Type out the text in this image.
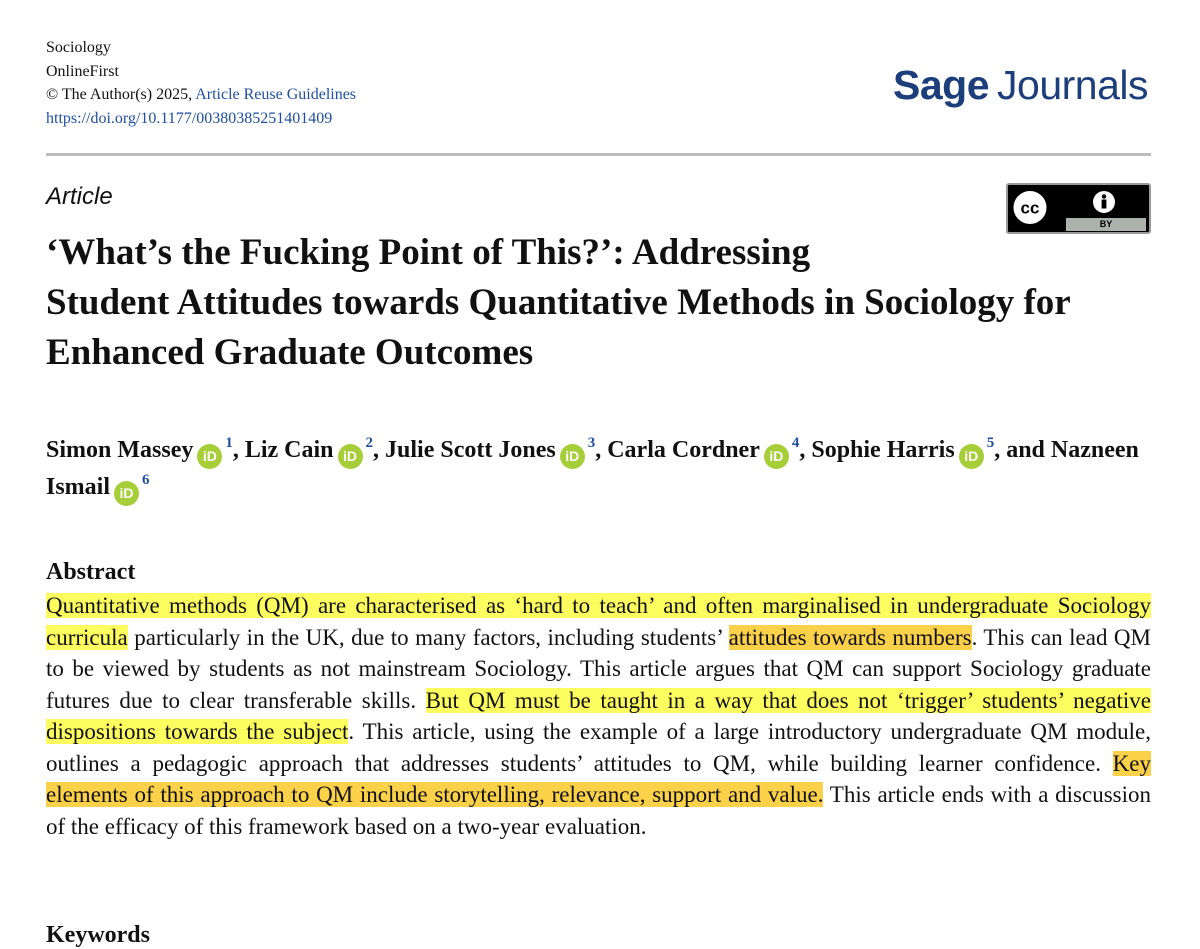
Sociology
OnlineFirst
© The Author(s) 2025, Article Reuse Guidelines
https://doi.org/10.1177/00380385251401409
Sage Journals
Article	cc
BY
‘What’s the Fucking Point of This?’: Addressing
Student Attitudes towards Quantitative Methods in Sociology for
Enhanced Graduate Outcomes
Simon Massey $iD^1$, Liz Cain $iD^2$, Julie Scott Jones $iD^3$, Carla Cordner $iD^4$, Sophie Harris $iD^5$, and Nazneen Ismail $iD^6$
Abstract

Quantitative methods (QM) are characterised as ‘hard to teach’ and often marginalised in undergraduate Sociology curricula particularly in the UK, due to many factors, including students’ attitudes towards numbers. This can lead QM to be viewed by students as not mainstream Sociology. This article argues that QM can support Sociology graduate futures due to clear transferable skills. But QM must be taught in a way that does not ‘trigger’ students’ negative dispositions towards the subject. This article, using the example of a large introductory undergraduate QM module, outlines a pedagogic approach that addresses students’ attitudes to QM, while building learner confidence. Key elements of this approach to QM include storytelling, relevance, support and value. This article ends with a discussion of the efficacy of this framework based on a two-year evaluation.

Keywords
